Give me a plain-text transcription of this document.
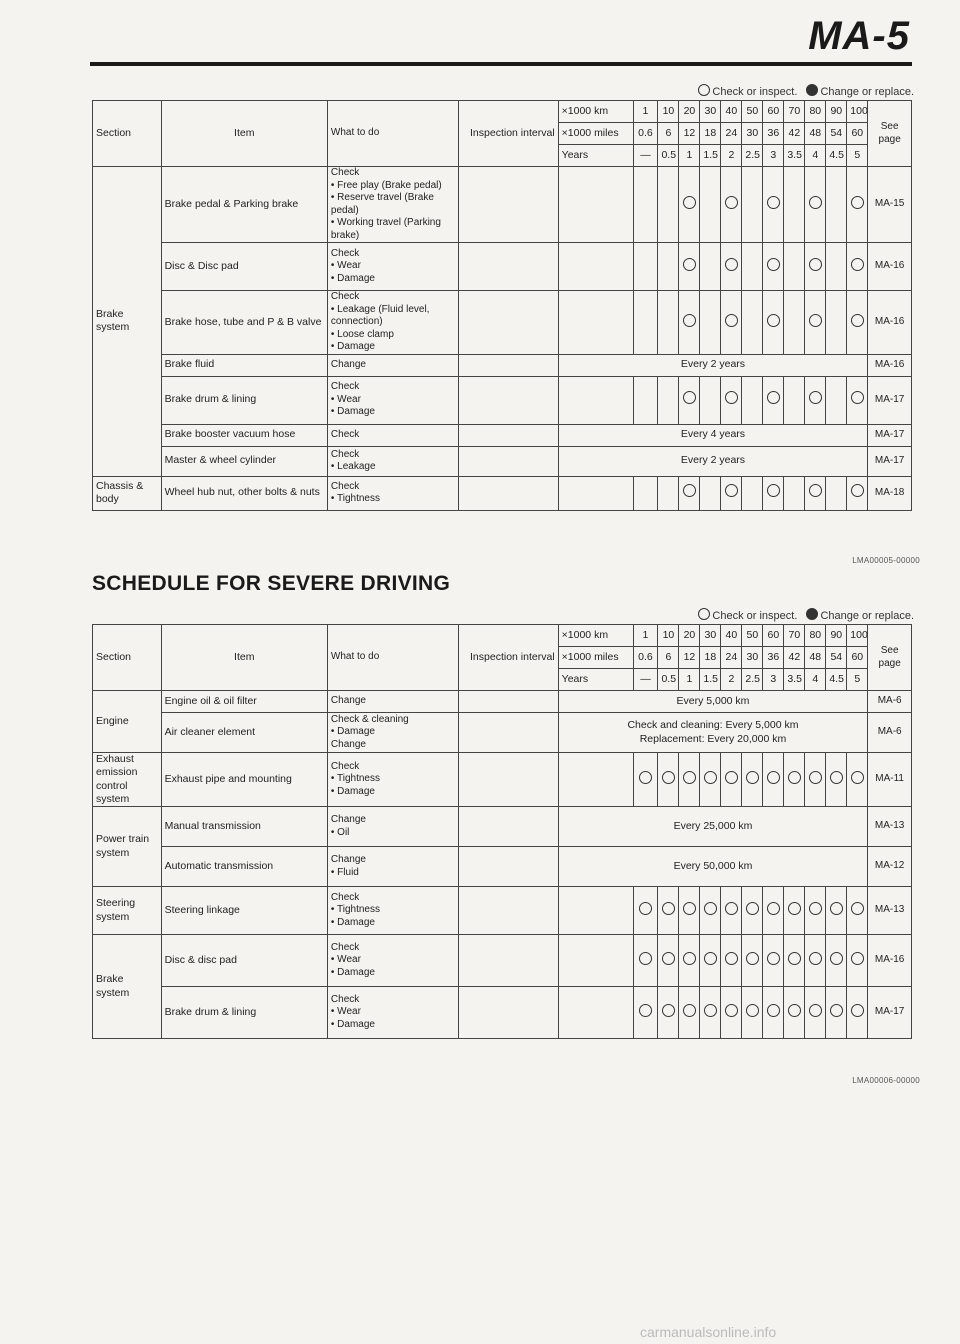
MA-5
Check or inspect. Change or replace.
Section	Item	What to do	Inspection interval	×1000 km	1	10	20	30	40	50	60	70	80	90	100	See page
				×1000 miles	0.6	6	12	18	24	30	36	42	48	54	60	
				Years	—	0.5	1	1.5	2	2.5	3	3.5	4	4.5	5	
Brake system	Brake pedal & Parking brake	Check
• Free play (Brake pedal)
• Reserve travel (Brake pedal)
• Working travel (Parking brake)														MA-15
	Disc & Disc pad	Check
• Wear
• Damage														MA-16
	Brake hose, tube and P & B valve	Check
• Leakage (Fluid level, connection)
• Loose clamp
• Damage														MA-16
	Brake fluid	Change		Every 2 years												MA-16
	Brake drum & lining	Check
• Wear
• Damage														MA-17
	Brake booster vacuum hose	Check		Every 4 years												MA-17
	Master & wheel cylinder	Check
• Leakage		Every 2 years												MA-17
Chassis & body	Wheel hub nut, other bolts & nuts	Check
• Tightness														MA-18
LMA00005-00000
SCHEDULE FOR SEVERE DRIVING
Check or inspect. Change or replace.
Section	Item	What to do	Inspection interval	×1000 km	1	10	20	30	40	50	60	70	80	90	100	See page
				×1000 miles	0.6	6	12	18	24	30	36	42	48	54	60	
				Years	—	0.5	1	1.5	2	2.5	3	3.5	4	4.5	5	
Engine	Engine oil & oil filter	Change		Every 5,000 km												MA-6
	Air cleaner element	Check & cleaning
• Damage
Change		Check and cleaning: Every 5,000 km
Replacement: Every 20,000 km												MA-6
Exhaust emission control system	Exhaust pipe and mounting	Check
• Tightness
• Damage														MA-11
Power train system	Manual transmission	Change
• Oil		Every 25,000 km												MA-13
	Automatic transmission	Change
• Fluid		Every 50,000 km												MA-12
Steering system	Steering linkage	Check
• Tightness
• Damage														MA-13
Brake system	Disc & disc pad	Check
• Wear
• Damage														MA-16
	Brake drum & lining	Check
• Wear
• Damage														MA-17
LMA00006-00000
carmanualsonline.info
